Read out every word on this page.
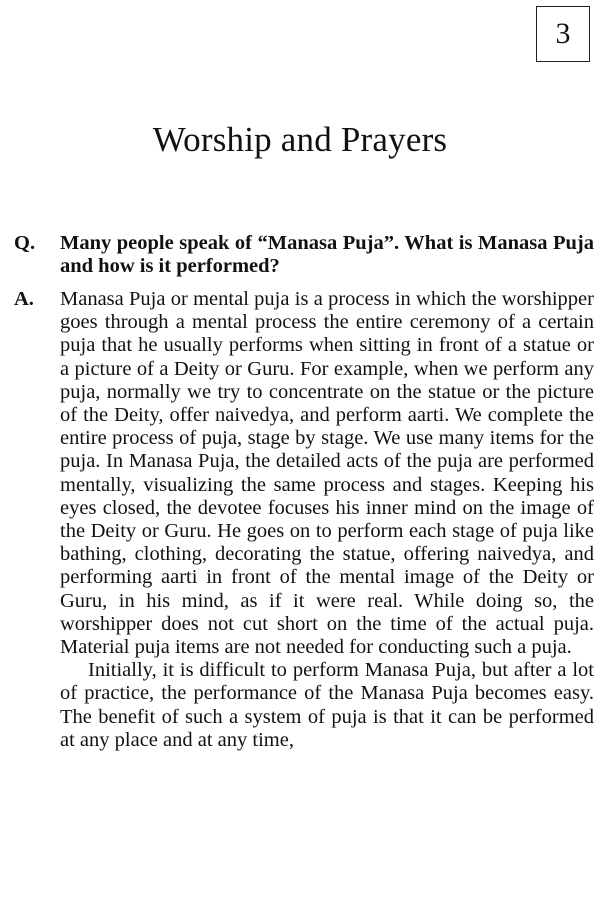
3
Worship and Prayers
Q. Many people speak of “Manasa Puja”. What is Manasa Puja and how is it performed?
A. Manasa Puja or mental puja is a process in which the worshipper goes through a mental process the entire ceremony of a certain puja that he usually performs when sitting in front of a statue or a picture of a Deity or Guru. For example, when we perform any puja, normally we try to concentrate on the statue or the picture of the Deity, offer naivedya, and perform aarti. We complete the entire process of puja, stage by stage. We use many items for the puja. In Manasa Puja, the detailed acts of the puja are performed mentally, visualizing the same process and stages. Keeping his eyes closed, the devotee focuses his inner mind on the image of the Deity or Guru. He goes on to perform each stage of puja like bathing, clothing, decorating the statue, offering naivedya, and performing aarti in front of the mental image of the Deity or Guru, in his mind, as if it were real. While doing so, the worshipper does not cut short on the time of the actual puja. Material puja items are not needed for conducting such a puja.

Initially, it is difficult to perform Manasa Puja, but after a lot of practice, the performance of the Manasa Puja becomes easy. The benefit of such a system of puja is that it can be performed at any place and at any time,
